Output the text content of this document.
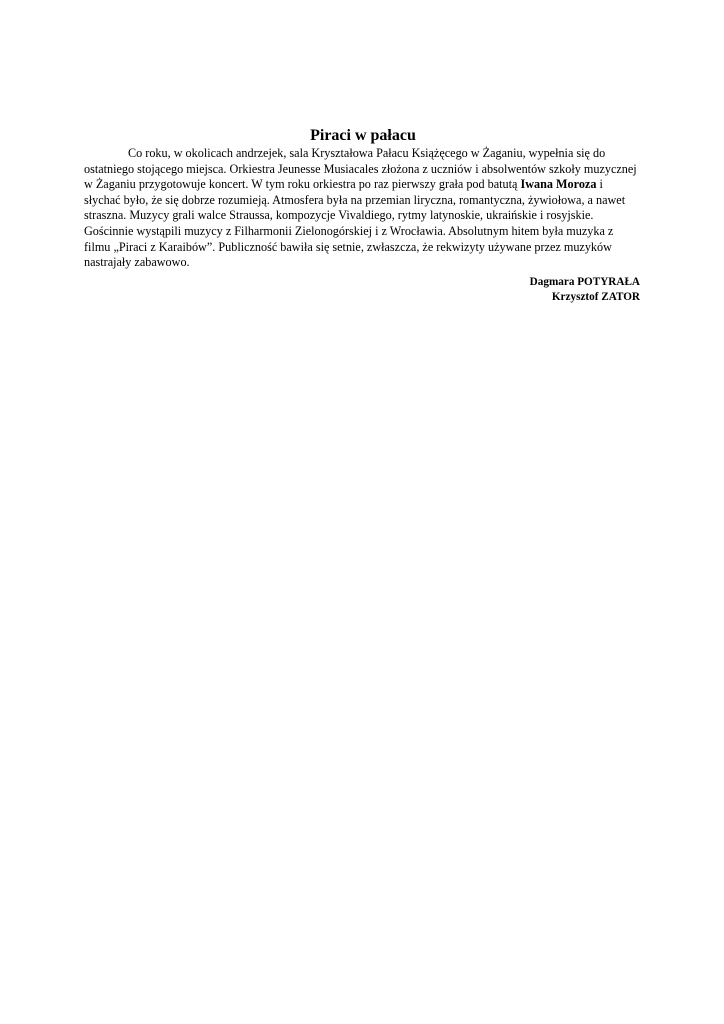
Piraci w pałacu

Co roku, w okolicach andrzejek, sala Kryształowa Pałacu Książęcego w Żaganiu, wypełnia się do ostatniego stojącego miejsca. Orkiestra Jeunesse Musiacales złożona z uczniów i absolwentów szkoły muzycznej w Żaganiu przygotowuje koncert. W tym roku orkiestra po raz pierwszy grała pod batutą Iwana Moroza i słychać było, że się dobrze rozumieją. Atmosfera była na przemian liryczna, romantyczna, żywiołowa, a nawet straszna. Muzycy grali walce Straussa, kompozycje Vivaldiego, rytmy latynoskie, ukraińskie i rosyjskie. Gościnnie wystąpili muzycy z Filharmonii Zielonogórskiej i z Wrocławia. Absolutnym hitem była muzyka z filmu „Piraci z Karaibów”. Publiczność bawiła się setnie, zwłaszcza, że rekwizyty używane przez muzyków nastrajały zabawowo.

Dagmara POTYRAŁA
Krzysztof ZATOR
